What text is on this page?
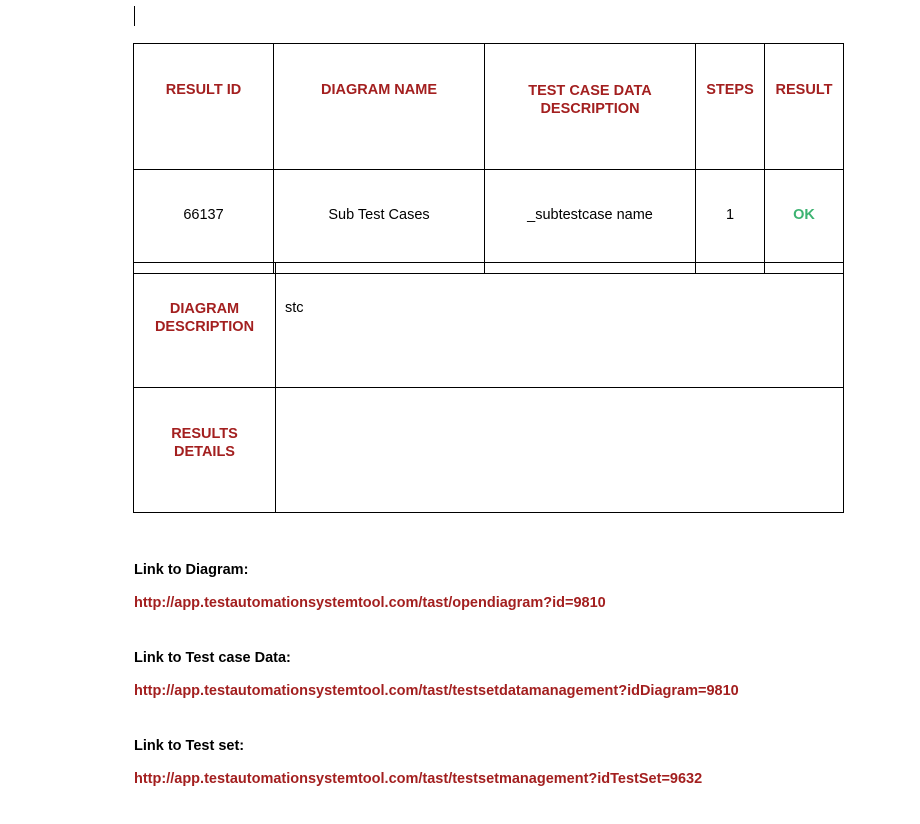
RESULT ID	DIAGRAM NAME	TEST CASE DATA
DESCRIPTION	STEPS	RESULT
66137	Sub Test Cases	_subtestcase name	1	OK
DIAGRAM
DESCRIPTION	stc

RESULTS
DETAILS	

Link to Diagram:
http://app.testautomationsystemtool.com/tast/opendiagram?id=9810
Link to Test case Data:
http://app.testautomationsystemtool.com/tast/testsetdatamanagement?idDiagram=9810
Link to Test set:
http://app.testautomationsystemtool.com/tast/testsetmanagement?idTestSet=9632
